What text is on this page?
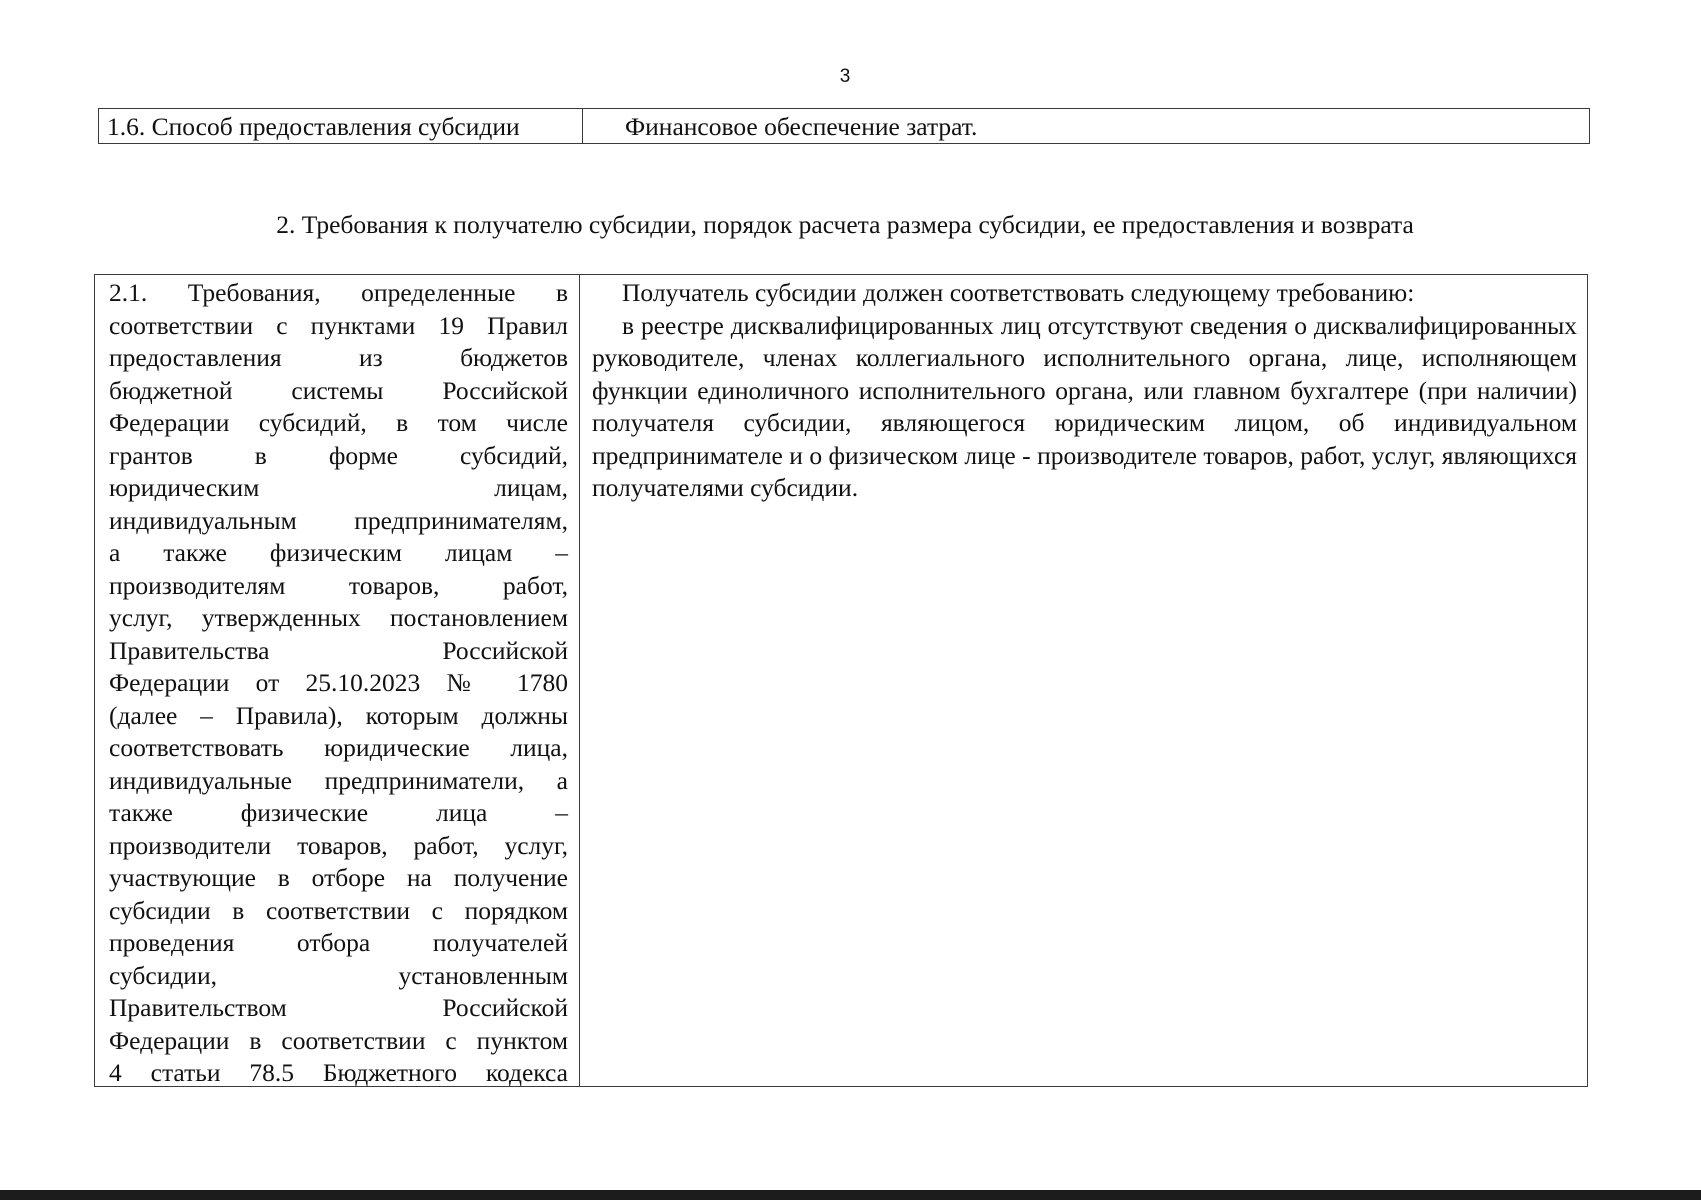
3
1.6. Способ предоставления субсидии	Финансовое обеспечение затрат.
2. Требования к получателю субсидии, порядок расчета размера субсидии, ее предоставления и возврата
2.1. Требования, определенные в
соответствии с пунктами 19 Правил
предоставления из бюджетов
бюджетной системы Российской
Федерации субсидий, в том числе
грантов в форме субсидий,
юридическим лицам,
индивидуальным предпринимателям,
а также физическим лицам –
производителям товаров, работ,
услуг, утвержденных постановлением
Правительства Российской
Федерации от 25.10.2023 № 1780
(далее – Правила), которым должны
соответствовать юридические лица,
индивидуальные предприниматели, а
также физические лица –
производители товаров, работ, услуг,
участвующие в отборе на получение
субсидии в соответствии с порядком
проведения отбора получателей
субсидии, установленным
Правительством Российской
Федерации в соответствии с пунктом
4 статьи 78.5 Бюджетного кодекса
Получатель субсидии должен соответствовать следующему требованию:
в реестре дисквалифицированных лиц отсутствуют сведения о дисквалифицированных руководителе, членах коллегиального исполнительного органа, лице, исполняющем функции единоличного исполнительного органа, или главном бухгалтере (при наличии) получателя субсидии, являющегося юридическим лицом, об индивидуальном предпринимателе и о физическом лице - производителе товаров, работ, услуг, являющихся получателями субсидии.
